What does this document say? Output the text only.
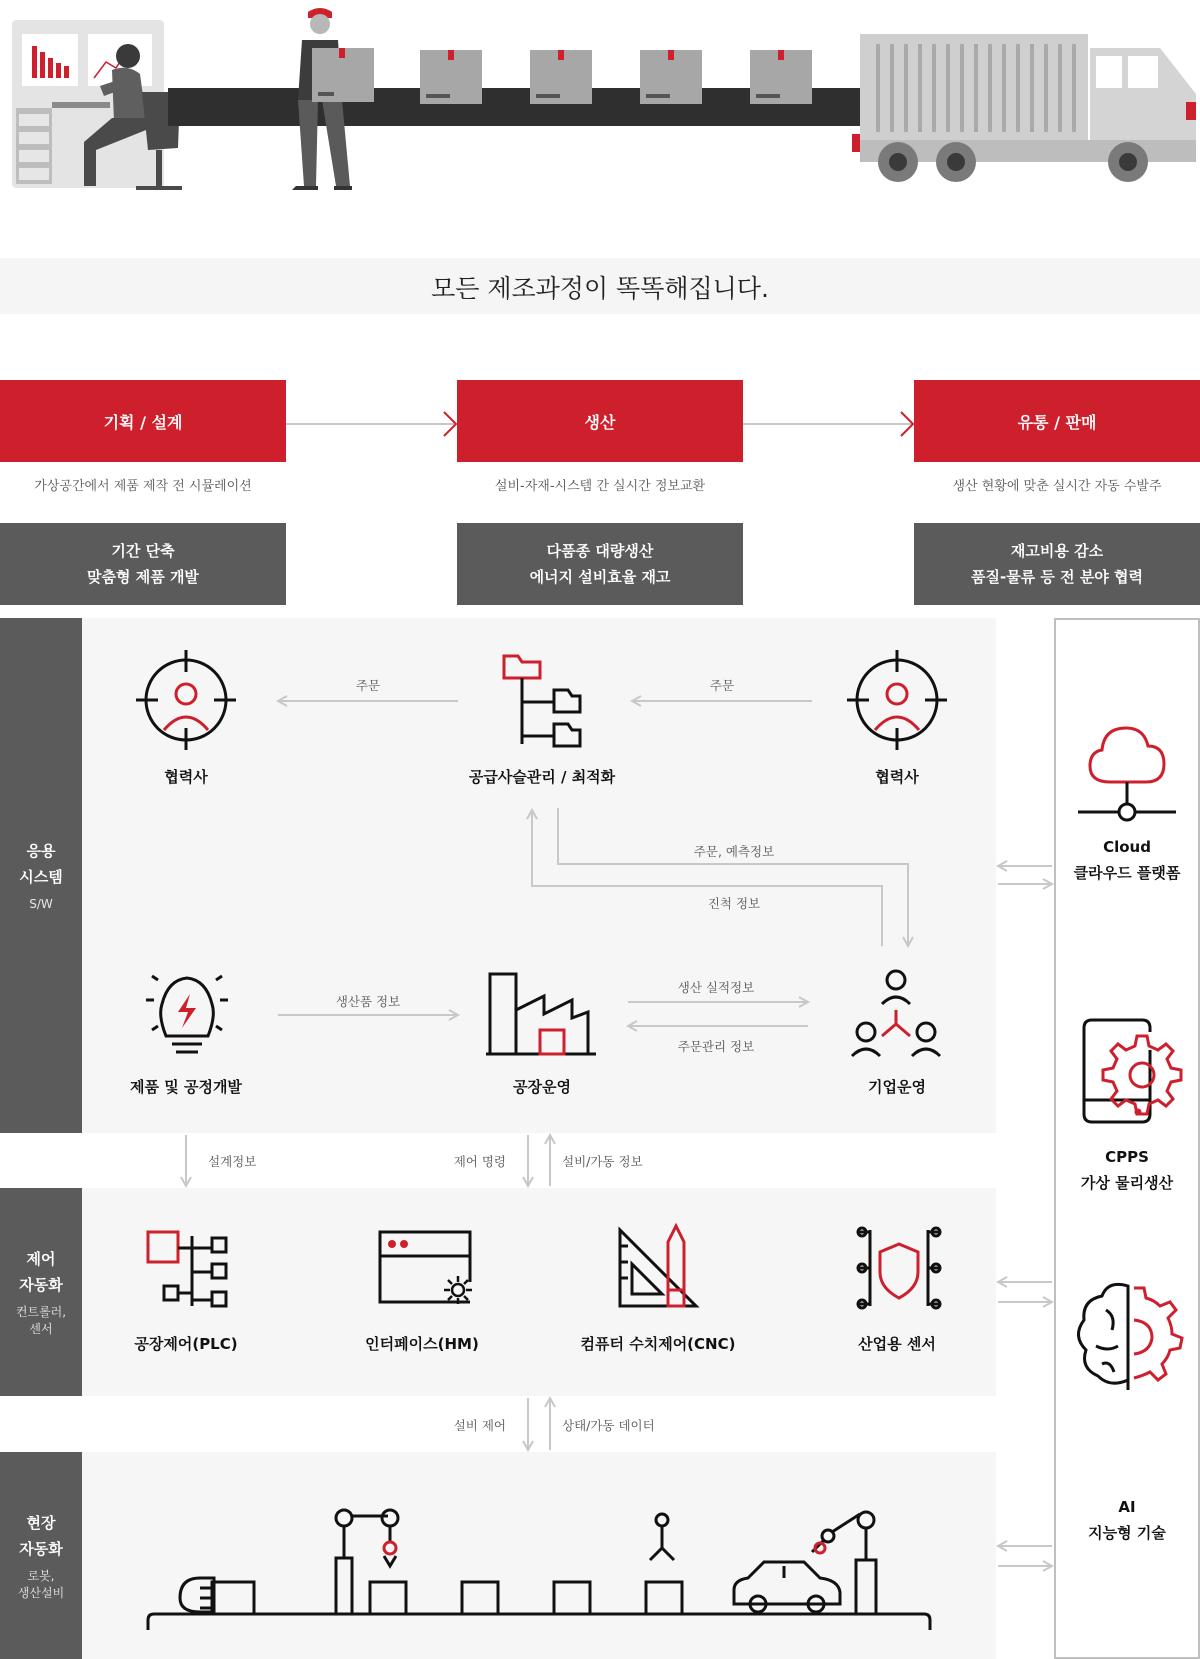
모든 제조과정이 똑똑해집니다.
기획 / 설계	생산	유통 / 판매
가상공간에서 제품 제작 전 시뮬레이션	설비-자재-시스템 간 실시간 정보교환	생산 현황에 맞춘 실시간 자동 수발주
기간 단축
맞춤형 제품 개발
다품종 대량생산
에너지 설비효율 재고
재고비용 감소
품질-물류 등 전 분야 협력
응용
시스템
S/W
제어
자동화
컨트롤러,
센서
현장
자동화
로봇,
생산설비
협력사	공급사슬관리 / 최적화	협력사
제품 및 공정개발	공장운영	기업운영
공장제어(PLC)	인터페이스(HM)	컴퓨터 수치제어(CNC)	산업용 센서
주문	주문
주문, 예측정보
진척 정보
생산품 정보
생산 실적정보
주문관리 정보
설계정보	제어 명령	설비/가동 정보
설비 제어	상태/가동 데이터
Cloud
클라우드 플랫폼
CPPS
가상 물리생산
AI
지능형 기술
